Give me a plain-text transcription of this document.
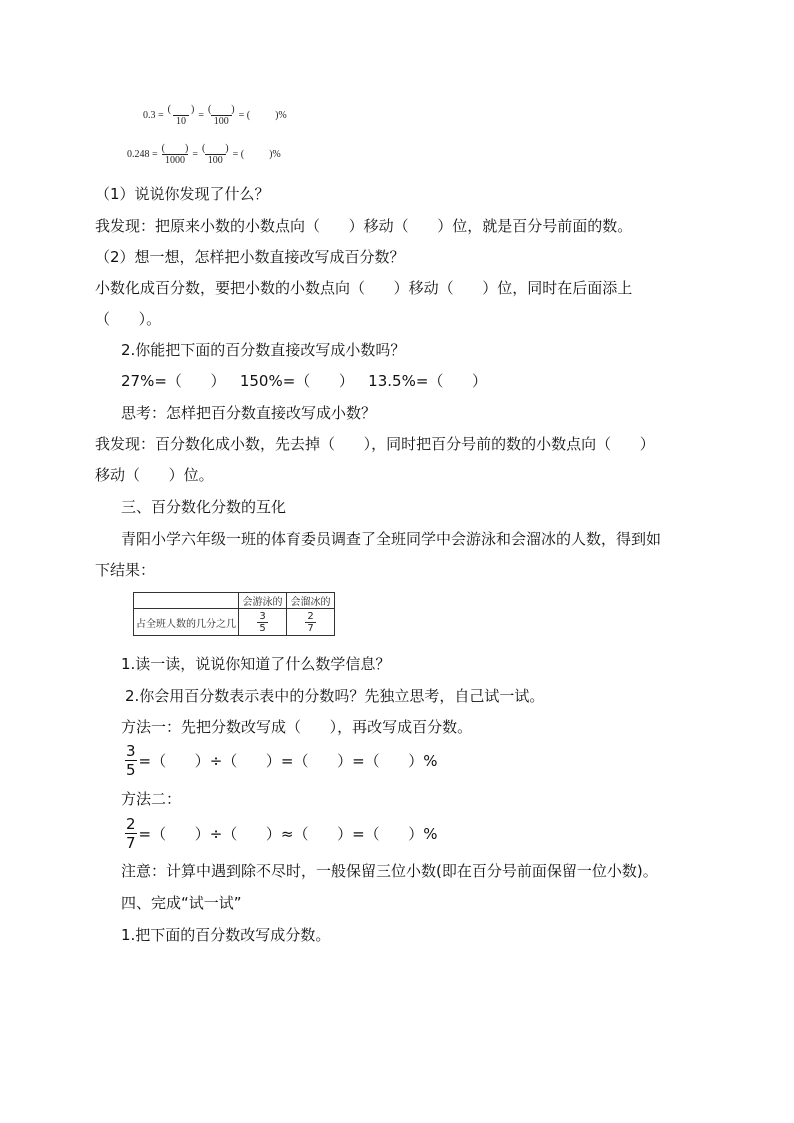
$0.3 = \frac{( )}{10} = \frac{( )}{100}$ = (          )%
$0.248 = \frac{( )}{1000} = \frac{( )}{100}$ = (          )%
（1）说说你发现了什么？
我发现：把原来小数的小数点向（      ）移动（      ）位，就是百分号前面的数。
（2）想一想，怎样把小数直接改写成百分数？
小数化成百分数，要把小数的小数点向（      ）移动（      ）位，同时在后面添上
（      ）。
2.你能把下面的百分数直接改写成小数吗？
27%=（      ）   150%=（      ）   13.5%=（      ）
思考：怎样把百分数直接改写成小数？
我发现：百分数化成小数，先去掉（      ），同时把百分号前的数的小数点向（      ）
移动（      ）位。
三、百分数化分数的互化
青阳小学六年级一班的体育委员调查了全班同学中会游泳和会溜冰的人数，得到如
下结果：
	会游泳的	会溜冰的
占全班人数的几分之几	$\frac{3}{5}$	$\frac{2}{7}$
1.读一读，说说你知道了什么数学信息？
2.你会用百分数表示表中的分数吗？先独立思考，自己试一试。
方法一：先把分数改写成（      ），再改写成百分数。
$\frac{3}{5}$ =（      ）÷（      ）=（      ）=（      ）%
方法二：
$\frac{2}{7}$ =（      ）÷（      ）≈（      ）=（      ）%
注意：计算中遇到除不尽时，一般保留三位小数(即在百分号前面保留一位小数)。
四、完成“试一试”
1.把下面的百分数改写成分数。
